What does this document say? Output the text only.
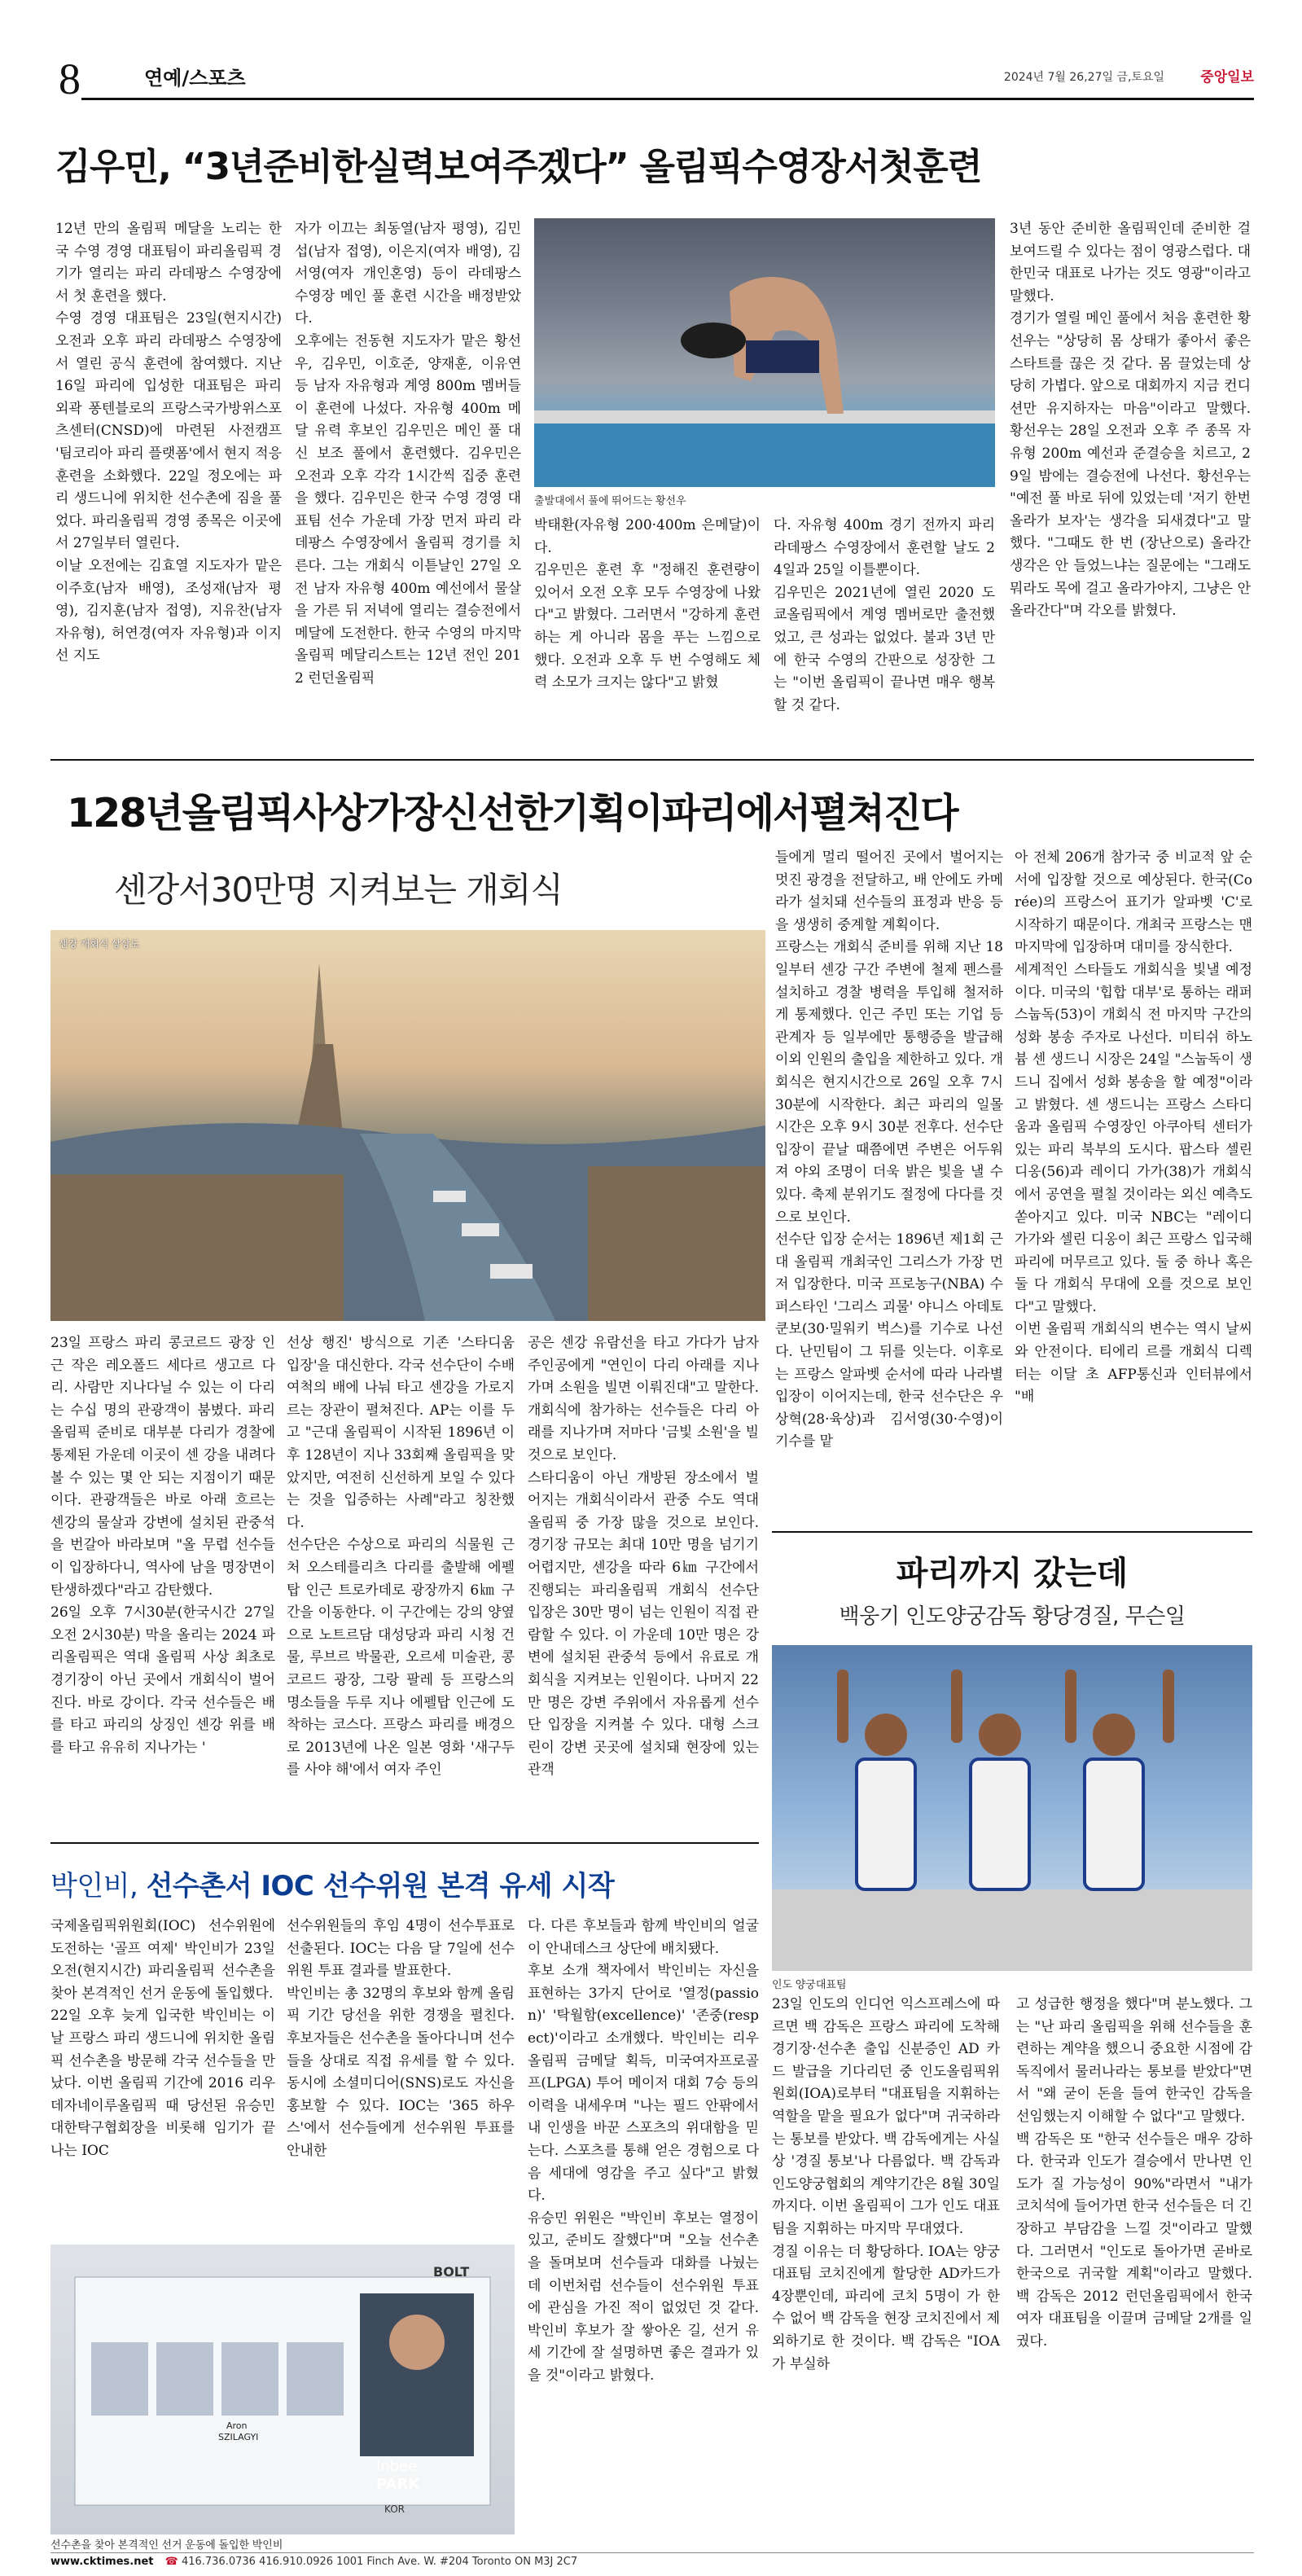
8	연예/스포츠	2024년 7월 26,27일 금,토요일	중앙일보
김우민, “3년준비한실력보여주겠다” 올림픽수영장서첫훈련
12년 만의 올림픽 메달을 노리는 한국 수영 경영 대표팀이 파리올림픽 경기가 열리는 파리 라데팡스 수영장에서 첫 훈련을 했다.
수영 경영 대표팀은 23일(현지시간) 오전과 오후 파리 라데팡스 수영장에서 열린 공식 훈련에 참여했다. 지난 16일 파리에 입성한 대표팀은 파리 외곽 퐁텐블로의 프랑스국가방위스포츠센터(CNSD)에 마련된 사전캠프 '팀코리아 파리 플랫폼'에서 현지 적응 훈련을 소화했다. 22일 정오에는 파리 생드니에 위치한 선수촌에 짐을 풀었다. 파리올림픽 경영 종목은 이곳에서 27일부터 열린다.
이날 오전에는 김효열 지도자가 맡은 이주호(남자 배영), 조성재(남자 평영), 김지훈(남자 접영), 지유찬(남자 자유형), 허연경(여자 자유형)과 이지선 지도
자가 이끄는 최동열(남자 평영), 김민섭(남자 접영), 이은지(여자 배영), 김서영(여자 개인혼영) 등이 라데팡스 수영장 메인 풀 훈련 시간을 배정받았다.
오후에는 전동현 지도자가 맡은 황선우, 김우민, 이호준, 양재훈, 이유연 등 남자 자유형과 계영 800m 멤버들이 훈련에 나섰다. 자유형 400m 메달 유력 후보인 김우민은 메인 풀 대신 보조 풀에서 훈련했다. 김우민은 오전과 오후 각각 1시간씩 집중 훈련을 했다. 김우민은 한국 수영 경영 대표팀 선수 가운데 가장 먼저 파리 라데팡스 수영장에서 올림픽 경기를 치른다. 그는 개회식 이튿날인 27일 오전 남자 자유형 400m 예선에서 물살을 가른 뒤 저녁에 열리는 결승전에서 메달에 도전한다. 한국 수영의 마지막 올림픽 메달리스트는 12년 전인 2012 런던올림픽
출발대에서 풀에 뛰어드는 황선우
박태환(자유형 200·400m 은메달)이다.
김우민은 훈련 후 "정해진 훈련량이 있어서 오전 오후 모두 수영장에 나왔다"고 밝혔다. 그러면서 "강하게 훈련하는 게 아니라 몸을 푸는 느낌으로 했다. 오전과 오후 두 번 수영해도 체력 소모가 크지는 않다"고 밝혔
다. 자유형 400m 경기 전까지 파리 라데팡스 수영장에서 훈련할 날도 24일과 25일 이틀뿐이다.
김우민은 2021년에 열린 2020 도쿄올림픽에서 계영 멤버로만 출전했었고, 큰 성과는 없었다. 불과 3년 만에 한국 수영의 간판으로 성장한 그는 "이번 올림픽이 끝나면 매우 행복할 것 같다.
3년 동안 준비한 올림픽인데 준비한 걸 보여드릴 수 있다는 점이 영광스럽다. 대한민국 대표로 나가는 것도 영광"이라고 말했다.
경기가 열릴 메인 풀에서 처음 훈련한 황선우는 "상당히 몸 상태가 좋아서 좋은 스타트를 끊은 것 같다. 몸 끌었는데 상당히 가볍다. 앞으로 대회까지 지금 컨디션만 유지하자는 마음"이라고 말했다. 황선우는 28일 오전과 오후 주 종목 자유형 200m 예선과 준결승을 치르고, 29일 밤에는 결승전에 나선다. 황선우는 "예전 풀 바로 뒤에 있었는데 '저기 한번 올라가 보자'는 생각을 되새겼다"고 말했다. "그때도 한 번 (장난으로) 올라간 생각은 안 들었느냐는 질문에는 "그래도 뭐라도 목에 걸고 올라가야지, 그냥은 안 올라간다"며 각오를 밝혔다.
128년올림픽사상가장신선한기획이파리에서펼쳐진다
센강서30만명 지켜보는 개회식
센강 개회식 상상도
들에게 멀리 떨어진 곳에서 벌어지는 멋진 광경을 전달하고, 배 안에도 카메라가 설치돼 선수들의 표정과 반응 등을 생생히 중계할 계획이다.
프랑스는 개회식 준비를 위해 지난 18일부터 센강 구간 주변에 철제 펜스를 설치하고 경찰 병력을 투입해 철저하게 통제했다. 인근 주민 또는 기업 등 관계자 등 일부에만 통행증을 발급해 이외 인원의 출입을 제한하고 있다. 개회식은 현지시간으로 26일 오후 7시 30분에 시작한다. 최근 파리의 일몰 시간은 오후 9시 30분 전후다. 선수단 입장이 끝날 때쯤에면 주변은 어두워져 야외 조명이 더욱 밝은 빛을 낼 수 있다. 축제 분위기도 절정에 다다를 것으로 보인다.
선수단 입장 순서는 1896년 제1회 근대 올림픽 개최국인 그리스가 가장 먼저 입장한다. 미국 프로농구(NBA) 수퍼스타인 '그리스 괴물' 야니스 아데토쿤보(30·밀워키 벅스)를 기수로 나선다. 난민팀이 그 뒤를 잇는다. 이후로는 프랑스 알파벳 순서에 따라 나라별 입장이 이어지는데, 한국 선수단은 우상혁(28·육상)과 김서영(30·수영)이 기수를 맡
아 전체 206개 참가국 중 비교적 앞 순서에 입장할 것으로 예상된다. 한국(Corée)의 프랑스어 표기가 알파벳 'C'로 시작하기 때문이다. 개최국 프랑스는 맨 마지막에 입장하며 대미를 장식한다.
세계적인 스타들도 개회식을 빛낼 예정이다. 미국의 '힙합 대부'로 통하는 래퍼 스눕독(53)이 개회식 전 마지막 구간의 성화 봉송 주자로 나선다. 미티쉬 하노븀 센 생드니 시장은 24일 "스눕독이 생드니 집에서 성화 봉송을 할 예정"이라고 밝혔다. 센 생드니는 프랑스 스타디움과 올림픽 수영장인 아쿠아틱 센터가 있는 파리 북부의 도시다. 팝스타 셀린 디옹(56)과 레이디 가가(38)가 개회식에서 공연을 펼칠 것이라는 외신 예측도 쏟아지고 있다. 미국 NBC는 "레이디 가가와 셀린 디옹이 최근 프랑스 입국해 파리에 머무르고 있다. 둘 중 하나 혹은 둘 다 개회식 무대에 오를 것으로 보인다"고 말했다.
이번 올림픽 개회식의 변수는 역시 날씨와 안전이다. 티에리 르를 개회식 디렉터는 이달 초 AFP통신과 인터뷰에서 "배
23일 프랑스 파리 콩코르드 광장 인근 작은 레오폴드 세다르 생고르 다리. 사람만 지나다닐 수 있는 이 다리는 수십 명의 관광객이 붐볐다. 파리올림픽 준비로 대부분 다리가 경찰에 통제된 가운데 이곳이 센 강을 내려다볼 수 있는 몇 안 되는 지점이기 때문이다. 관광객들은 바로 아래 흐르는 센강의 물살과 강변에 설치된 관중석을 번갈아 바라보며 "올 무렵 선수들이 입장하다니, 역사에 남을 명장면이 탄생하겠다"라고 감탄했다.
26일 오후 7시30분(한국시간 27일 오전 2시30분) 막을 올리는 2024 파리올림픽은 역대 올림픽 사상 최초로 경기장이 아닌 곳에서 개회식이 벌어진다. 바로 강이다. 각국 선수들은 배를 타고 파리의 상징인 센강 위를 배를 타고 유유히 지나가는 '
선상 행진' 방식으로 기존 '스타디움 입장'을 대신한다. 각국 선수단이 수배여척의 배에 나눠 타고 센강을 가로지르는 장관이 펼쳐진다. AP는 이를 두고 "근대 올림픽이 시작된 1896년 이후 128년이 지나 33회째 올림픽을 맞았지만, 여전히 신선하게 보일 수 있다는 것을 입증하는 사례"라고 칭찬했다.
선수단은 수상으로 파리의 식물원 근처 오스테를리츠 다리를 출발해 에펠탑 인근 트로카데로 광장까지 6㎞ 구간을 이동한다. 이 구간에는 강의 양옆으로 노트르담 대성당과 파리 시청 건물, 루브르 박물관, 오르세 미술관, 콩코르드 광장, 그랑 팔레 등 프랑스의 명소들을 두루 지나 에펠탑 인근에 도착하는 코스다. 프랑스 파리를 배경으로 2013년에 나온 일본 영화 '새구두를 사야 해'에서 여자 주인
공은 센강 유람선을 타고 가다가 남자 주인공에게 "연인이 다리 아래를 지나가며 소원을 빌면 이뤄진대"고 말한다. 개회식에 참가하는 선수들은 다리 아래를 지나가며 저마다 '금빛 소원'을 빌 것으로 보인다.
스타디움이 아닌 개방된 장소에서 벌어지는 개회식이라서 관중 수도 역대 올림픽 중 가장 많을 것으로 보인다. 경기장 규모는 최대 10만 명을 넘기기 어렵지만, 센강을 따라 6㎞ 구간에서 진행되는 파리올림픽 개회식 선수단 입장은 30만 명이 넘는 인원이 직접 관람할 수 있다. 이 가운데 10만 명은 강변에 설치된 관중석 등에서 유료로 개회식을 지켜보는 인원이다. 나머지 22만 명은 강변 주위에서 자유롭게 선수단 입장을 지켜볼 수 있다. 대형 스크린이 강변 곳곳에 설치돼 현장에 있는 관객
파리까지 갔는데
백웅기 인도양궁감독 황당경질, 무슨일
인도 양궁대표팀
23일 인도의 인디언 익스프레스에 따르면 백 감독은 프랑스 파리에 도착해 경기장·선수촌 출입 신분증인 AD 카드 발급을 기다리던 중 인도올림픽위원회(IOA)로부터 "대표팀을 지휘하는 역할을 맡을 필요가 없다"며 귀국하라는 통보를 받았다. 백 감독에게는 사실상 '경질 통보'나 다름없다. 백 감독과 인도양궁협회의 계약기간은 8월 30일까지다. 이번 올림픽이 그가 인도 대표팀을 지휘하는 마지막 무대였다.
경질 이유는 더 황당하다. IOA는 양궁대표팀 코치진에게 할당한 AD카드가 4장뿐인데, 파리에 코치 5명이 가 한 수 없어 백 감독을 현장 코치진에서 제외하기로 한 것이다. 백 감독은 "IOA가 부실하
고 성급한 행정을 했다"며 분노했다. 그는 "난 파리 올림픽을 위해 선수들을 훈련하는 계약을 했으니 중요한 시점에 감독직에서 물러나라는 통보를 받았다"면서 "왜 굳이 돈을 들여 한국인 감독을 선임했는지 이해할 수 없다"고 말했다.
백 감독은 또 "한국 선수들은 매우 강하다. 한국과 인도가 결승에서 만나면 인도가 질 가능성이 90%"라면서 "내가 코치석에 들어가면 한국 선수들은 더 긴장하고 부담감을 느낄 것"이라고 말했다. 그러면서 "인도로 돌아가면 곧바로 한국으로 귀국할 계획"이라고 말했다. 백 감독은 2012 런던올림픽에서 한국 여자 대표팀을 이끌며 금메달 2개를 일궜다.
박인비, 선수촌서 IOC 선수위원 본격 유세 시작
국제올림픽위원회(IOC) 선수위원에 도전하는 '골프 여제' 박인비가 23일 오전(현지시간) 파리올림픽 선수촌을 찾아 본격적인 선거 운동에 돌입했다.
22일 오후 늦게 입국한 박인비는 이날 프랑스 파리 생드니에 위치한 올림픽 선수촌을 방문해 각국 선수들을 만났다. 이번 올림픽 기간에 2016 리우데자네이루올림픽 때 당선된 유승민 대한탁구협회장을 비롯해 임기가 끝나는 IOC
선수위원들의 후임 4명이 선수투표로 선출된다. IOC는 다음 달 7일에 선수위원 투표 결과를 발표한다.
박인비는 총 32명의 후보와 함께 올림픽 기간 당선을 위한 경쟁을 펼친다. 후보자들은 선수촌을 돌아다니며 선수들을 상대로 직접 유세를 할 수 있다. 동시에 소셜미디어(SNS)로도 자신을 홍보할 수 있다. IOC는 '365 하우스'에서 선수들에게 선수위원 투표를 안내한
다. 다른 후보들과 함께 박인비의 얼굴이 안내데스크 상단에 배치됐다.
후보 소개 책자에서 박인비는 자신을 표현하는 3가지 단어로 '열정(passion)' '탁월함(excellence)' '존중(respect)'이라고 소개했다. 박인비는 리우 올림픽 금메달 획득, 미국여자프로골프(LPGA) 투어 메이저 대회 7승 등의 이력을 내세우며 "나는 필드 안팎에서 내 인생을 바꾼 스포츠의 위대함을 믿는다. 스포츠를 통해 얻은 경험으로 다음 세대에 영감을 주고 싶다"고 밝혔다.
유승민 위원은 "박인비 후보는 열정이 있고, 준비도 잘했다"며 "오늘 선수촌을 돌며보며 선수들과 대화를 나눴는데 이번처럼 선수들이 선수위원 투표에 관심을 가진 적이 없었던 것 같다. 박인비 후보가 잘 쌓아온 길, 선거 유세 기간에 잘 설명하면 좋은 결과가 있을 것"이라고 밝혔다.
BOLT
Aron
SZILAGYI
Inbee
PARK
KOR
선수촌을 찾아 본격적인 선거 운동에 돌입한 박인비
www.cktimes.net ☎ 416.736.0736 416.910.0926 1001 Finch Ave. W. #204 Toronto ON M3J 2C7
